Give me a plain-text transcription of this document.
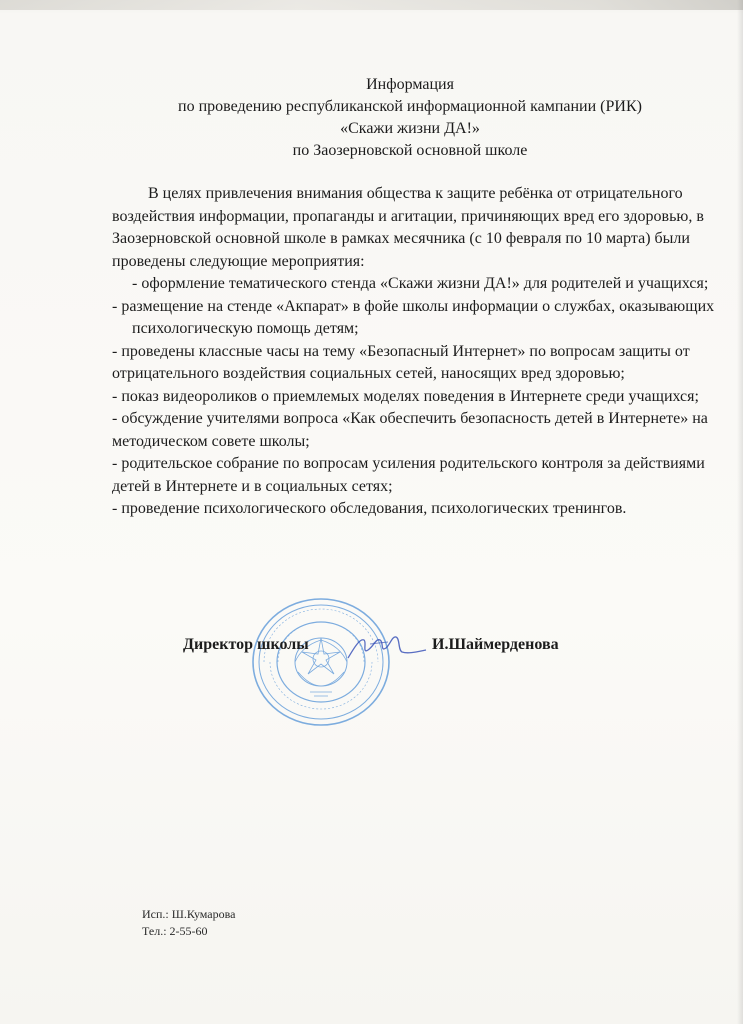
Информация
по проведению республиканской информационной кампании (РИК)
«Скажи жизни ДА!»
по Заозерновской основной школе

В целях привлечения внимания общества к защите ребёнка от отрицательного воздействия информации, пропаганды и агитации, причиняющих вред его здоровью, в Заозерновской основной школе в рамках месячника (с 10 февраля по 10 марта) были проведены следующие мероприятия:

- оформление тематического стенда «Скажи жизни ДА!» для родителей и учащихся;
- размещение на стенде «Акпарат» в фойе школы информации о службах, оказывающих психологическую помощь детям;
- проведены классные часы на тему «Безопасный Интернет» по вопросам защиты от отрицательного воздействия социальных сетей, наносящих вред здоровью;
- показ видеороликов о приемлемых моделях поведения в Интернете среди учащихся;
- обсуждение учителями вопроса «Как обеспечить безопасность детей в Интернете» на методическом совете школы;
- родительское собрание по вопросам усиления родительского контроля за действиями детей в Интернете и в социальных сетях;
- проведение психологического обследования, психологических тренингов.
Директор школы	И.Шаймерденова
Исп.: Ш.Кумарова
Тел.: 2-55-60
